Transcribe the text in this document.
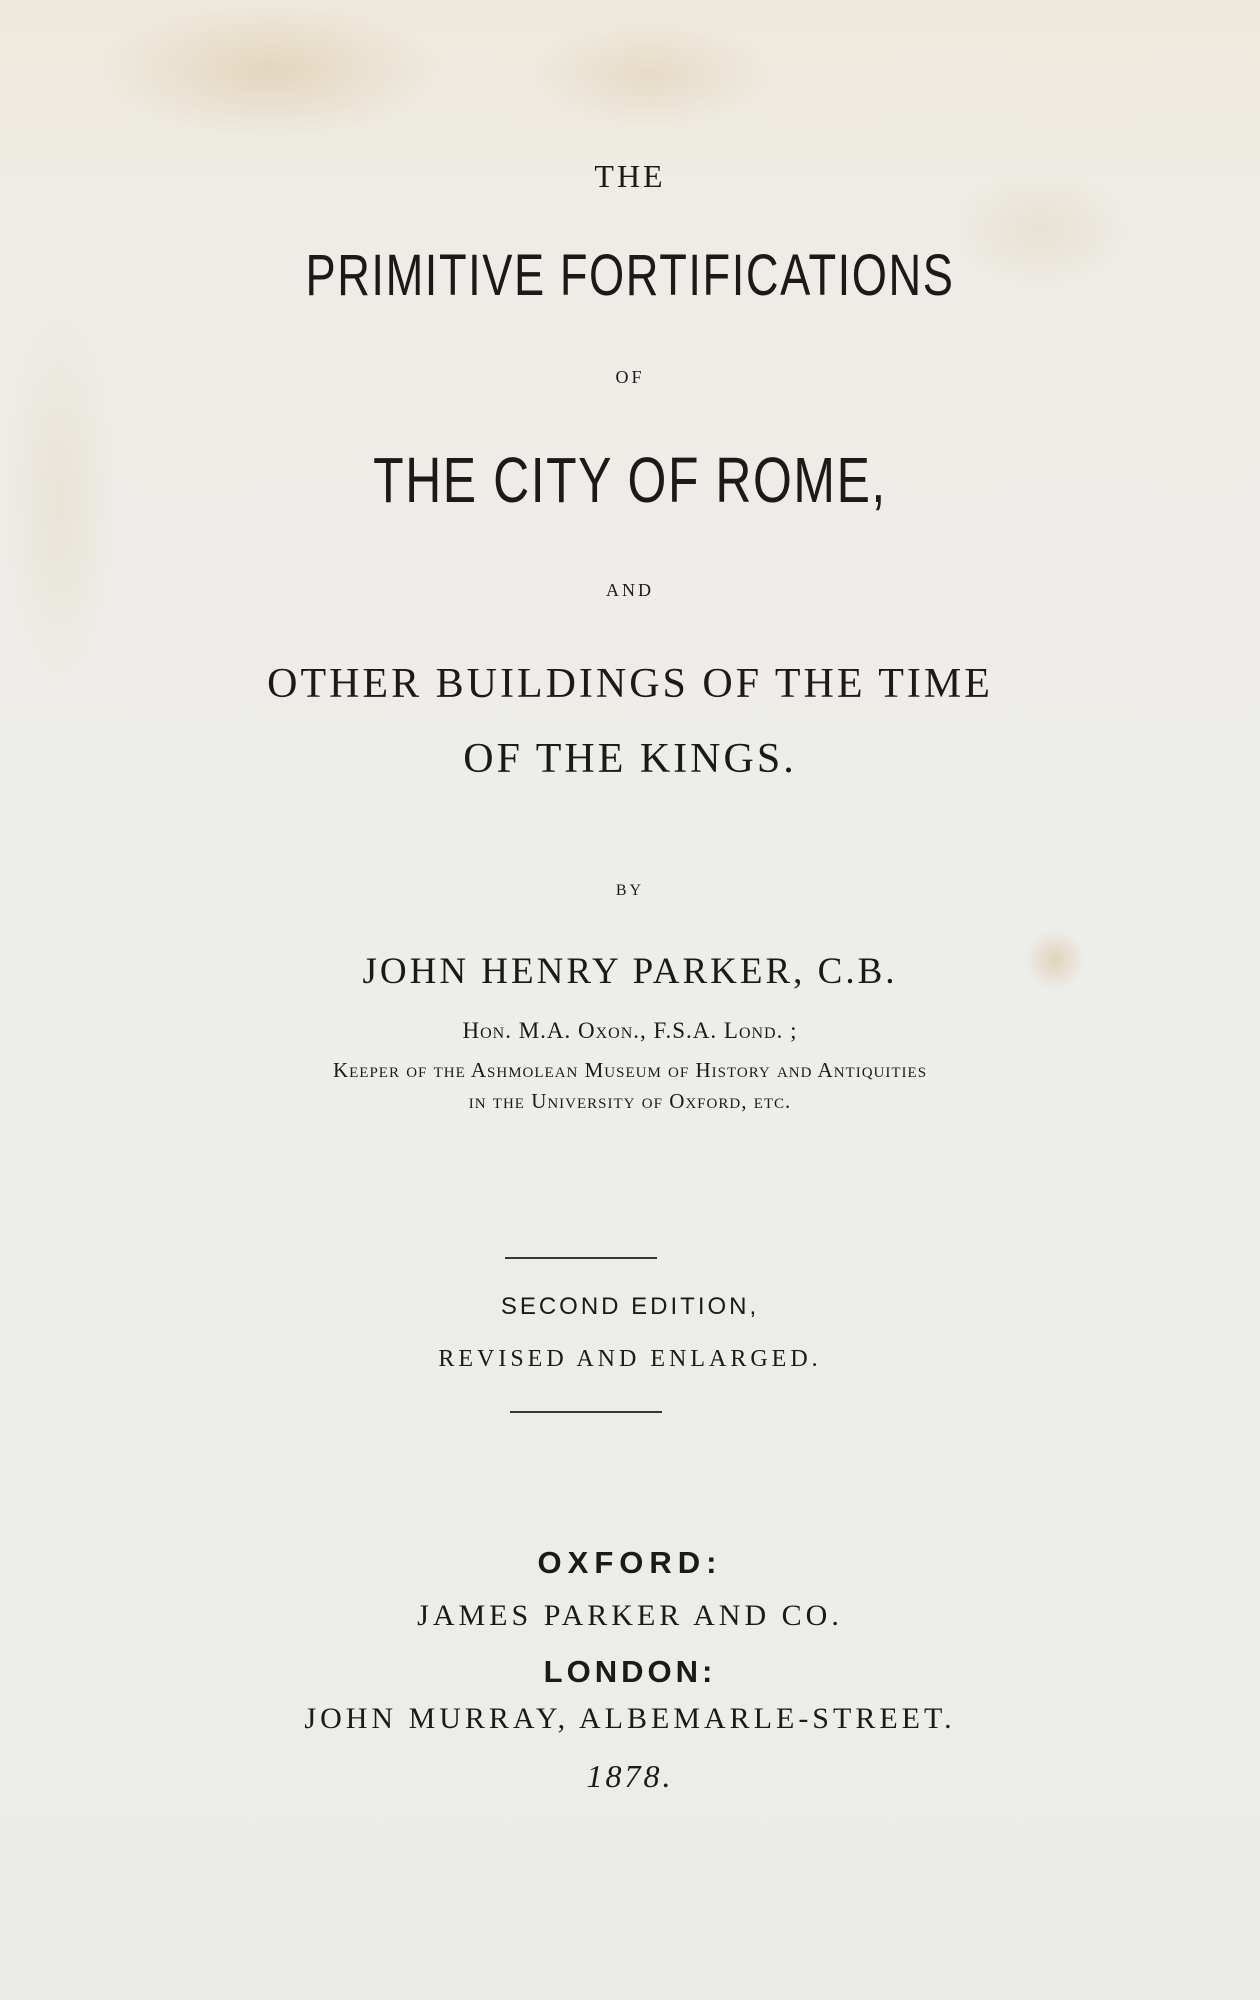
THE

PRIMITIVE FORTIFICATIONS

OF

THE CITY OF ROME,

AND

OTHER BUILDINGS OF THE TIME

OF THE KINGS.

BY

JOHN HENRY PARKER, C.B.

Hon. M.A. Oxon., F.S.A. Lond. ;

Keeper of the Ashmolean Museum of History and Antiquities

in the University of Oxford, etc.

SECOND EDITION,

REVISED AND ENLARGED.

OXFORD:

JAMES PARKER AND CO.

LONDON:

JOHN MURRAY, ALBEMARLE-STREET.

1878.
